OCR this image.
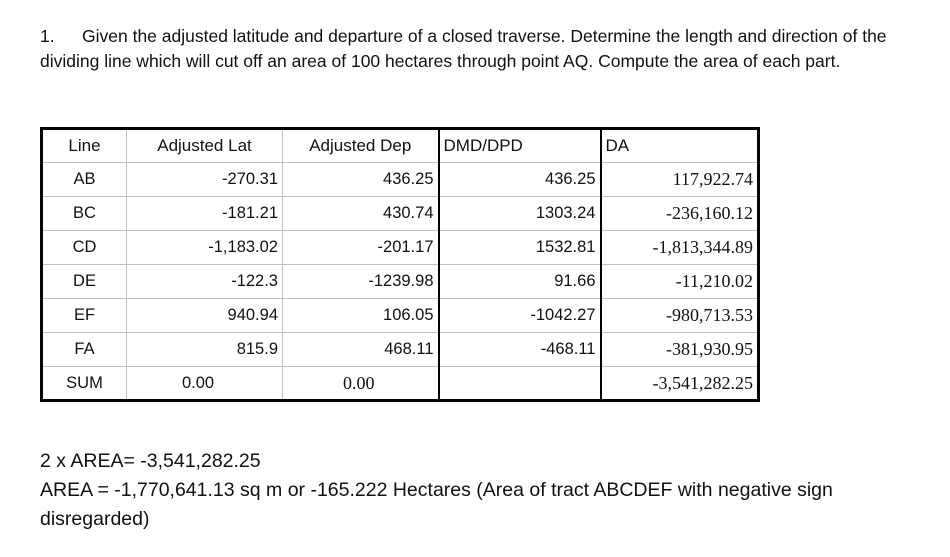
1. Given the adjusted latitude and departure of a closed traverse. Determine the length and direction of the dividing line which will cut off an area of 100 hectares through point AQ. Compute the area of each part.
Line	Adjusted Lat	Adjusted Dep	DMD/DPD	DA
AB	-270.31	436.25	436.25	117,922.74
BC	-181.21	430.74	1303.24	-236,160.12
CD	-1,183.02	-201.17	1532.81	-1,813,344.89
DE	-122.3	-1239.98	91.66	-11,210.02
EF	940.94	106.05	-1042.27	-980,713.53
FA	815.9	468.11	-468.11	-381,930.95
SUM	0.00	0.00		-3,541,282.25
2 x AREA= -3,541,282.25
AREA = -1,770,641.13 sq m or -165.222 Hectares (Area of tract ABCDEF with negative sign disregarded)
